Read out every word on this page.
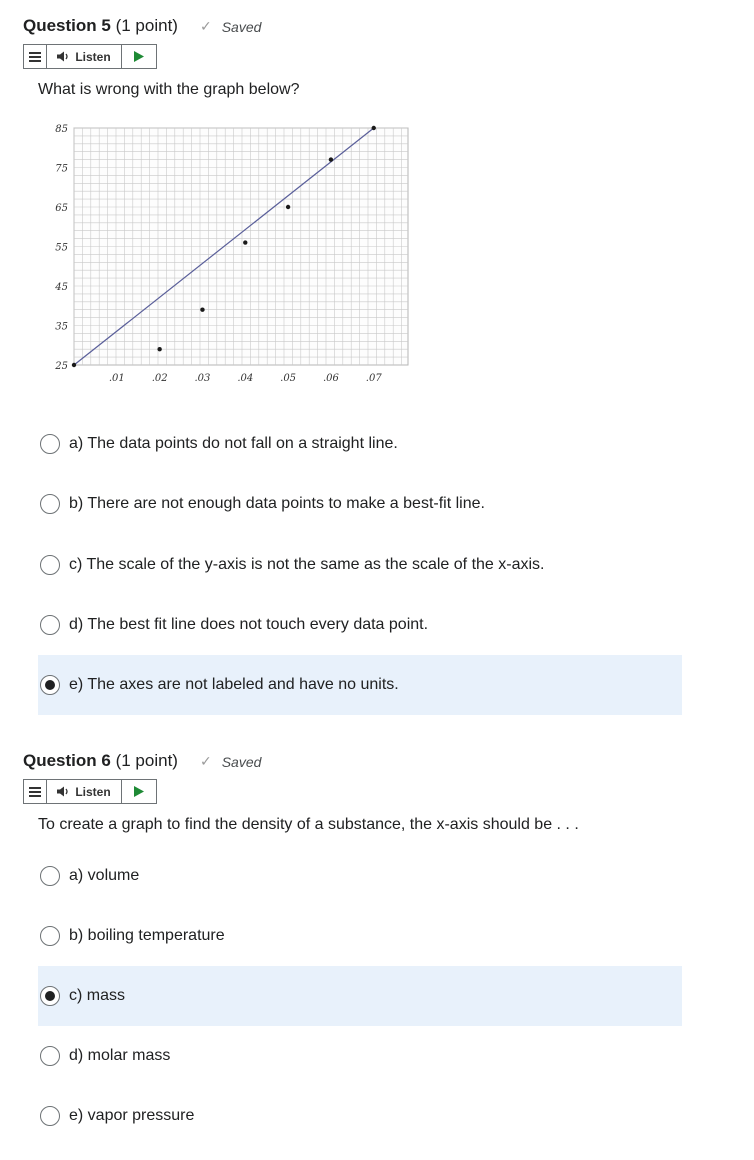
Question 5 (1 point) ✓ Saved
Listen
What is wrong with the graph below?
.01	.02	.03	.04	.05	.06	.07
25
35
45
55
65
75
85
a) The data points do not fall on a straight line.
b) There are not enough data points to make a best-fit line.
c) The scale of the y-axis is not the same as the scale of the x-axis.
d) The best fit line does not touch every data point.
e) The axes are not labeled and have no units.
Question 6 (1 point) ✓ Saved
Listen
To create a graph to find the density of a substance, the x-axis should be . . .
a) volume
b) boiling temperature
c) mass
d) molar mass
e) vapor pressure
